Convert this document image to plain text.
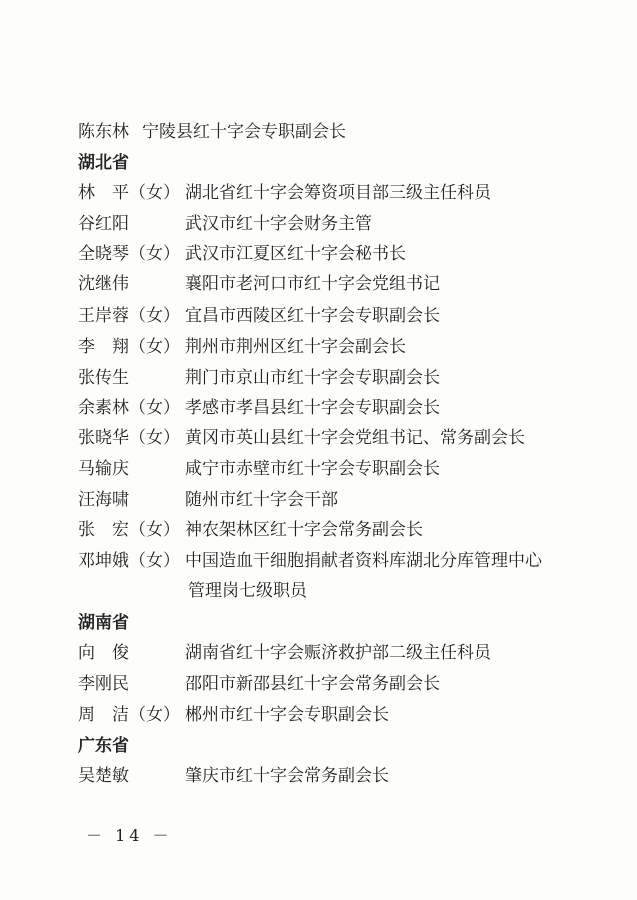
陈东林 宁陵县红十字会专职副会长
湖北省
林　平（女） 湖北省红十字会筹资项目部三级主任科员
谷红阳	武汉市红十字会财务主管
全晓琴（女） 武汉市江夏区红十字会秘书长
沈继伟	襄阳市老河口市红十字会党组书记
王岸蓉（女） 宜昌市西陵区红十字会专职副会长
李　翔（女） 荆州市荆州区红十字会副会长
张传生	荆门市京山市红十字会专职副会长
余素林（女） 孝感市孝昌县红十字会专职副会长
张晓华（女） 黄冈市英山县红十字会党组书记、常务副会长
马输庆	咸宁市赤壁市红十字会专职副会长
汪海啸	随州市红十字会干部
张　宏（女） 神农架林区红十字会常务副会长
邓坤娥（女） 中国造血干细胞捐献者资料库湖北分库管理中心
管理岗七级职员
湖南省
向　俊	湖南省红十字会赈济救护部二级主任科员
李刚民	邵阳市新邵县红十字会常务副会长
周　洁（女） 郴州市红十字会专职副会长
广东省
吴楚敏	肇庆市红十字会常务副会长
－ 14 －
